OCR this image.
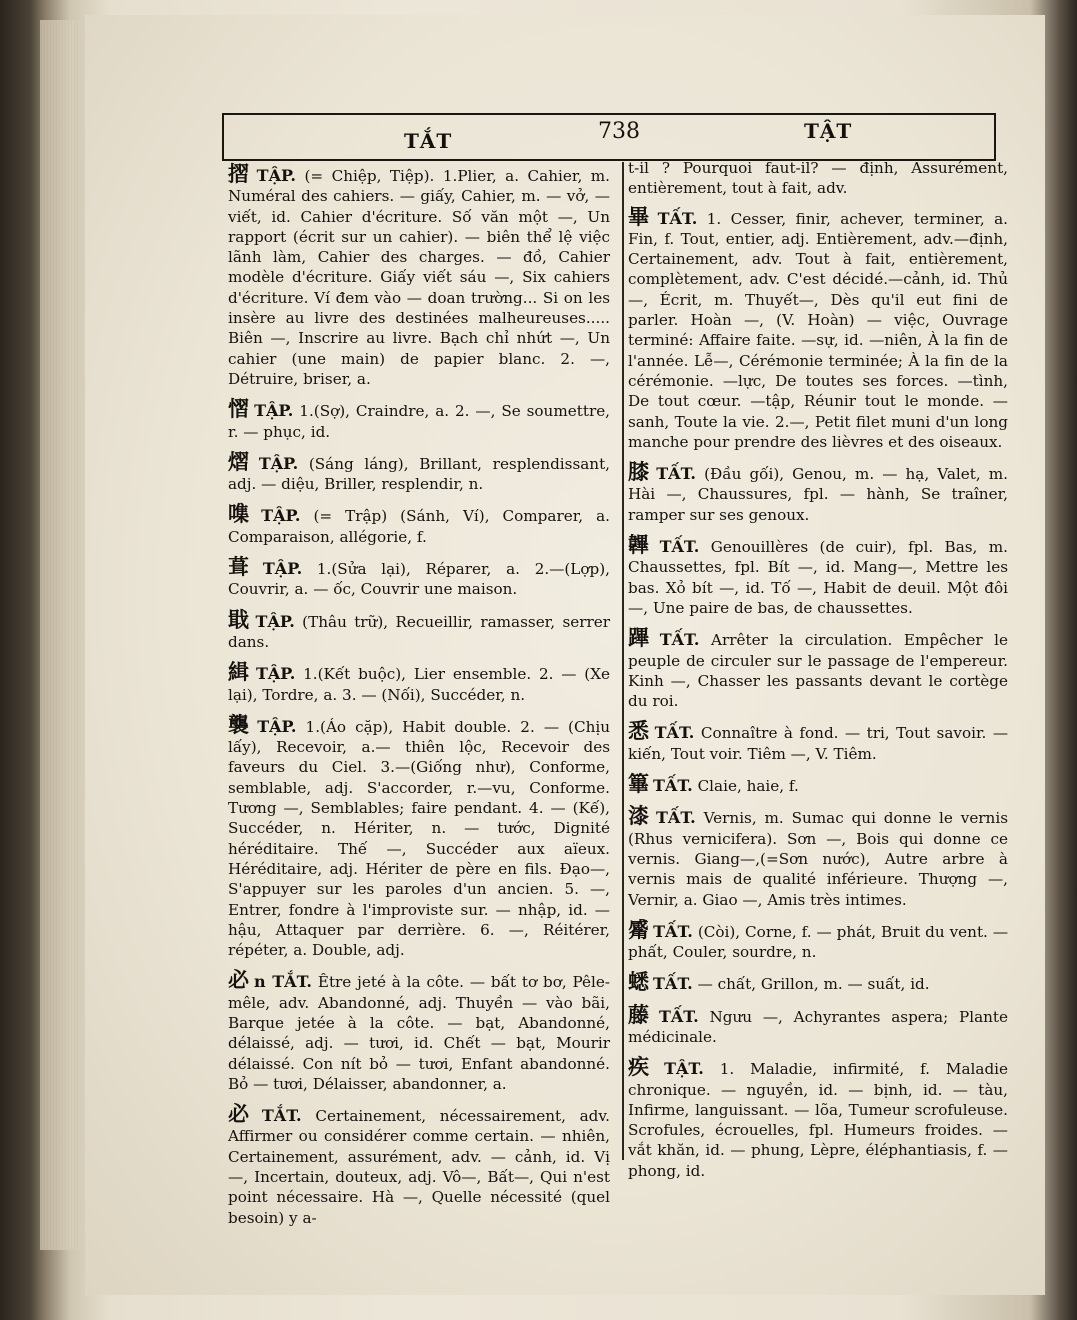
TẮT	738	TẬT

摺 TẬP. (= Chiệp, Tiệp). 1.Plier, a. Cahier, m. Numéral des cahiers. — giấy, Cahier, m. — vở, — viết, id. Cahier d'écriture. Số văn một —, Un rapport (écrit sur un cahier). — biên thể lệ việc lãnh làm, Cahier des charges. — đồ, Cahier modèle d'écriture. Giấy viết sáu —, Six cahiers d'écriture. Ví đem vào — doan trường... Si on les insère au livre des destinées malheureuses..... Biên —, Inscrire au livre. Bạch chỉ nhứt —, Un cahier (une main) de papier blanc. 2. —, Détruire, briser, a.

慴 TẬP. 1.(Sợ), Craindre, a. 2. —, Se soumettre, r. — phục, id.

熠 TẬP. (Sáng láng), Brillant, resplendissant, adj. — diệu, Briller, resplendir, n.

㗱 TẬP. (= Trập) (Sánh, Ví), Comparer, a. Comparaison, allégorie, f.

葺 TẬP. 1.(Sửa lại), Réparer, a. 2.—(Lợp), Couvrir, a. — ốc, Couvrir une maison.

戢 TẬP. (Thâu trữ), Recueillir, ramasser, serrer dans.

緝 TẬP. 1.(Kết buộc), Lier ensemble. 2. — (Xe lại), Tordre, a. 3. — (Nối), Succéder, n.

襲 TẬP. 1.(Áo cặp), Habit double. 2. — (Chịu lấy), Recevoir, a.— thiên lộc, Recevoir des faveurs du Ciel. 3.—(Giống như), Conforme, semblable, adj. S'accorder, r.—vu, Conforme. Tương —, Semblables; faire pendant. 4. — (Kế), Succéder, n. Hériter, n. — tước, Dignité héréditaire. Thế —, Succéder aux aïeux. Héréditaire, adj. Hériter de père en fils. Đạo—, S'appuyer sur les paroles d'un ancien. 5. —, Entrer, fondre à l'improviste sur. — nhập, id. — hậu, Attaquer par derrière. 6. —, Réitérer, répéter, a. Double, adj.

必 n TẮT. Être jeté à la côte. — bất tơ bơ, Pêle-mêle, adv. Abandonné, adj. Thuyền — vào bãi, Barque jetée à la côte. — bạt, Abandonné, délaissé, adj. — tươi, id. Chết — bạt, Mourir délaissé. Con nít bỏ — tươi, Enfant abandonné. Bỏ — tươi, Délaisser, abandonner, a.

必 TẮT. Certainement, nécessairement, adv. Affirmer ou considérer comme certain. — nhiên, Certainement, assurément, adv. — cảnh, id. Vị —, Incertain, douteux, adj. Vô—, Bất—, Qui n'est point nécessaire. Hà —, Quelle nécessité (quel besoin) y a-

t-il ? Pourquoi faut-il? — định, Assurément, entièrement, tout à fait, adv.

畢 TẤT. 1. Cesser, finir, achever, terminer, a. Fin, f. Tout, entier, adj. Entièrement, adv.—định, Certainement, adv. Tout à fait, entièrement, complètement, adv. C'est décidé.—cảnh, id. Thủ—, Écrit, m. Thuyết—, Dès qu'il eut fini de parler. Hoàn —, (V. Hoàn) — việc, Ouvrage terminé: Affaire faite. —sự, id. —niên, À la fin de l'année. Lễ—, Cérémonie terminée; À la fin de la cérémonie. —lực, De toutes ses forces. —tình, De tout cœur. —tập, Réunir tout le monde. —sanh, Toute la vie. 2.—, Petit filet muni d'un long manche pour prendre des lièvres et des oiseaux.

膝 TẤT. (Đầu gối), Genou, m. — hạ, Valet, m. Hài —, Chaussures, fpl. — hành, Se traîner, ramper sur ses genoux.

韠 TẤT. Genouillères (de cuir), fpl. Bas, m. Chaussettes, fpl. Bít —, id. Mang—, Mettre les bas. Xỏ bít —, id. Tố —, Habit de deuil. Một đôi —, Une paire de bas, de chaussettes.

蹕 TẤT. Arrêter la circulation. Empêcher le peuple de circuler sur le passage de l'empereur. Kinh —, Chasser les passants devant le cortège du roi.

悉 TẤT. Connaître à fond. — tri, Tout savoir. — kiến, Tout voir. Tiêm —, V. Tiêm.

篳 TẤT. Claie, haie, f.

漆 TẤT. Vernis, m. Sumac qui donne le vernis (Rhus vernicifera). Sơn —, Bois qui donne ce vernis. Giang—,(=Sơn nước), Autre arbre à vernis mais de qualité inférieure. Thượng —, Vernir, a. Giao —, Amis très intimes.

觱 TẤT. (Còi), Corne, f. — phát, Bruit du vent. — phất, Couler, sourdre, n.

蟋 TẤT. — chất, Grillon, m. — suất, id.

藤 TẤT. Ngưu —, Achyrantes aspera; Plante médicinale.

疾 TẬT. 1. Maladie, infirmité, f. Maladie chronique. — nguyền, id. — bịnh, id. — tàu, Infirme, languissant. — lõa, Tumeur scrofuleuse. Scrofules, écrouelles, fpl. Humeurs froides. — vắt khăn, id. — phung, Lèpre, éléphantiasis, f. — phong, id.
